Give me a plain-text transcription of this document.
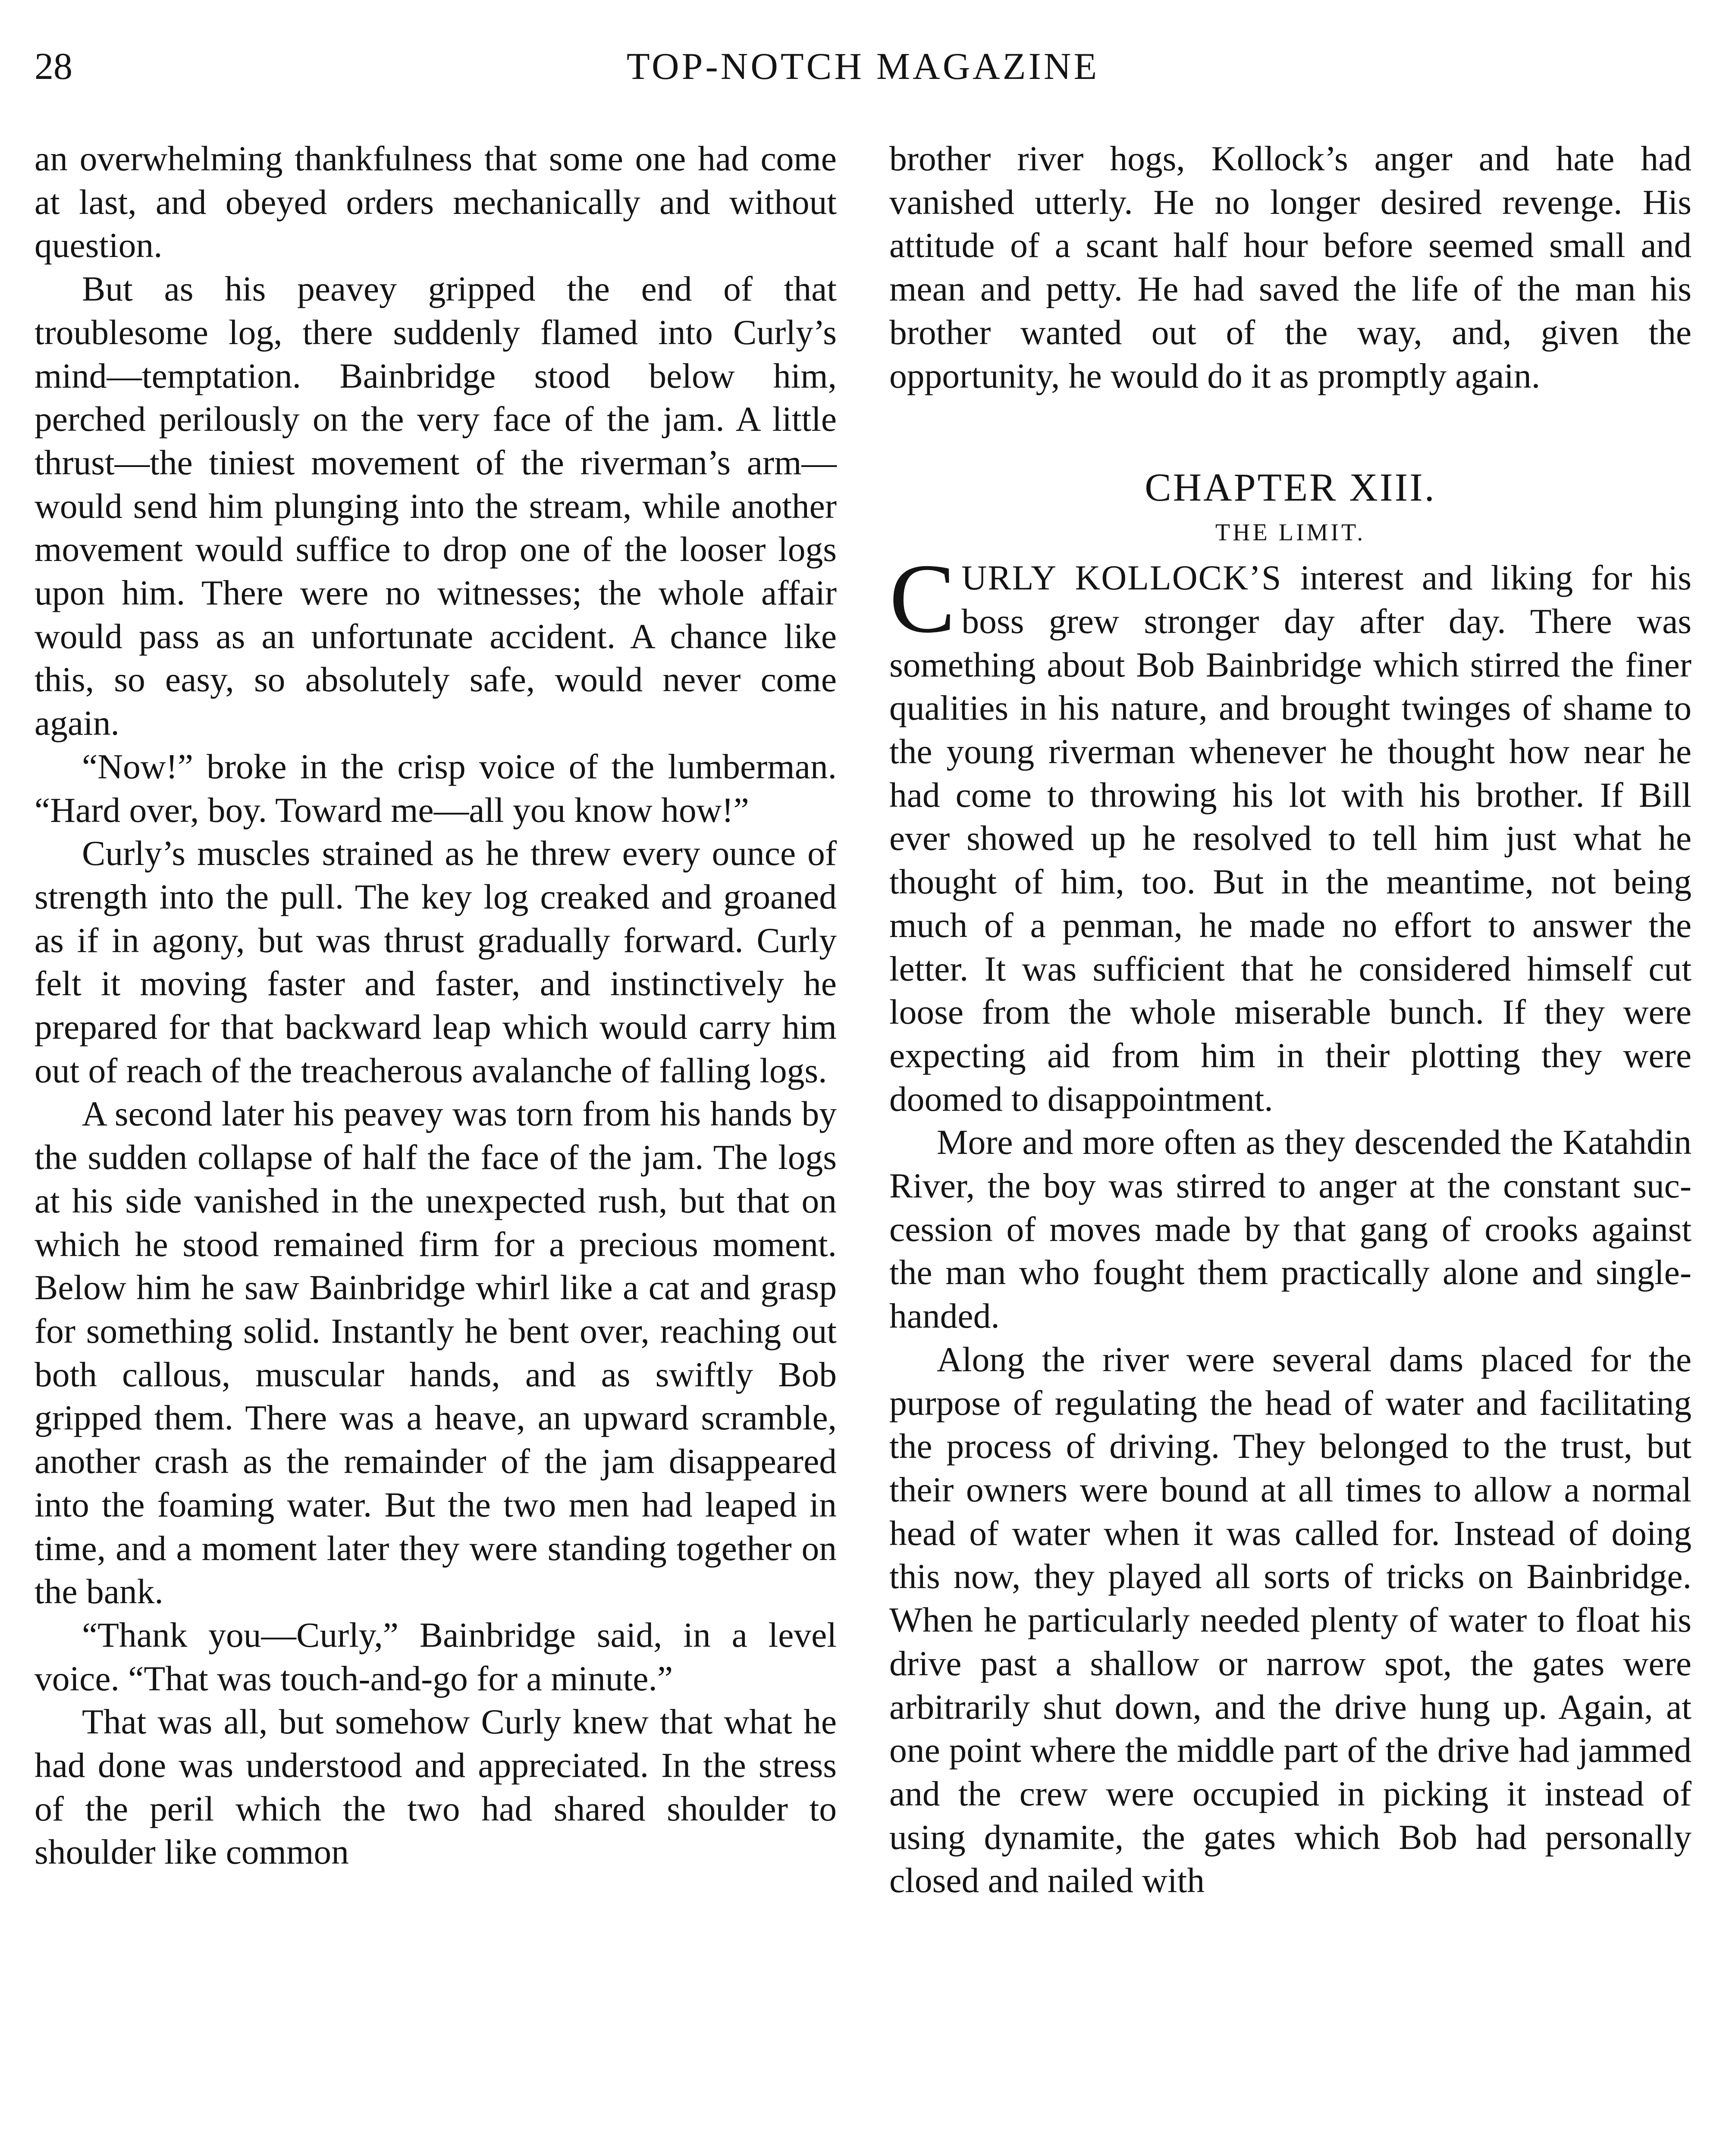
28	TOP-NOTCH MAGAZINE

an overwhelming thankfulness that some one had come at last, and obeyed orders mechanically and without question.

But as his peavey gripped the end of that troublesome log, there suddenly flamed into Curly’s mind—temptation. Bainbridge stood below him, perched perilously on the very face of the jam. A little thrust—the tiniest movement of the riverman’s arm—would send him plunging into the stream, while another movement would suffice to drop one of the looser logs upon him. There were no witnesses; the whole affair would pass as an unfortunate accident. A chance like this, so easy, so absolutely safe, would never come again.

“Now!” broke in the crisp voice of the lumberman. “Hard over, boy. Toward me—all you know how!”

Curly’s muscles strained as he threw every ounce of strength into the pull. The key log creaked and groaned as if in agony, but was thrust gradually forward. Curly felt it moving faster and faster, and instinctively he prepared for that backward leap which would carry him out of reach of the treacherous avalanche of falling logs.

A second later his peavey was torn from his hands by the sudden collapse of half the face of the jam. The logs at his side vanished in the unexpected rush, but that on which he stood remained firm for a precious moment. Below him he saw Bainbridge whirl like a cat and grasp for something solid. Instantly he bent over, reaching out both callous, muscular hands, and as swiftly Bob gripped them. There was a heave, an upward scramble, another crash as the remainder of the jam disappeared into the foaming water. But the two men had leaped in time, and a moment later they were standing together on the bank.

“Thank you—Curly,” Bainbridge said, in a level voice. “That was touch-and-go for a minute.”

That was all, but somehow Curly knew that what he had done was understood and appreciated. In the stress of the peril which the two had shared shoulder to shoulder like common

brother river hogs, Kollock’s anger and hate had vanished utterly. He no longer desired revenge. His attitude of a scant half hour before seemed small and mean and petty. He had saved the life of the man his brother wanted out of the way, and, given the opportunity, he would do it as promptly again.

CHAPTER XIII.

THE LIMIT.

CURLY KOLLOCK’S interest and liking for his boss grew stronger day after day. There was something about Bob Bainbridge which stirred the finer qualities in his nature, and brought twinges of shame to the young riverman whenever he thought how near he had come to throwing his lot with his brother. If Bill ever showed up he resolved to tell him just what he thought of him, too. But in the meantime, not being much of a penman, he made no effort to answer the letter. It was sufficient that he considered himself cut loose from the whole miserable bunch. If they were expecting aid from him in their plotting they were doomed to disappointment.

More and more often as they descended the Katahdin River, the boy was stirred to anger at the constant succession of moves made by that gang of crooks against the man who fought them practically alone and single-handed.

Along the river were several dams placed for the purpose of regulating the head of water and facilitating the process of driving. They belonged to the trust, but their owners were bound at all times to allow a normal head of water when it was called for. Instead of doing this now, they played all sorts of tricks on Bainbridge. When he particularly needed plenty of water to float his drive past a shallow or narrow spot, the gates were arbitrarily shut down, and the drive hung up. Again, at one point where the middle part of the drive had jammed and the crew were occupied in picking it instead of using dynamite, the gates which Bob had personally closed and nailed with
